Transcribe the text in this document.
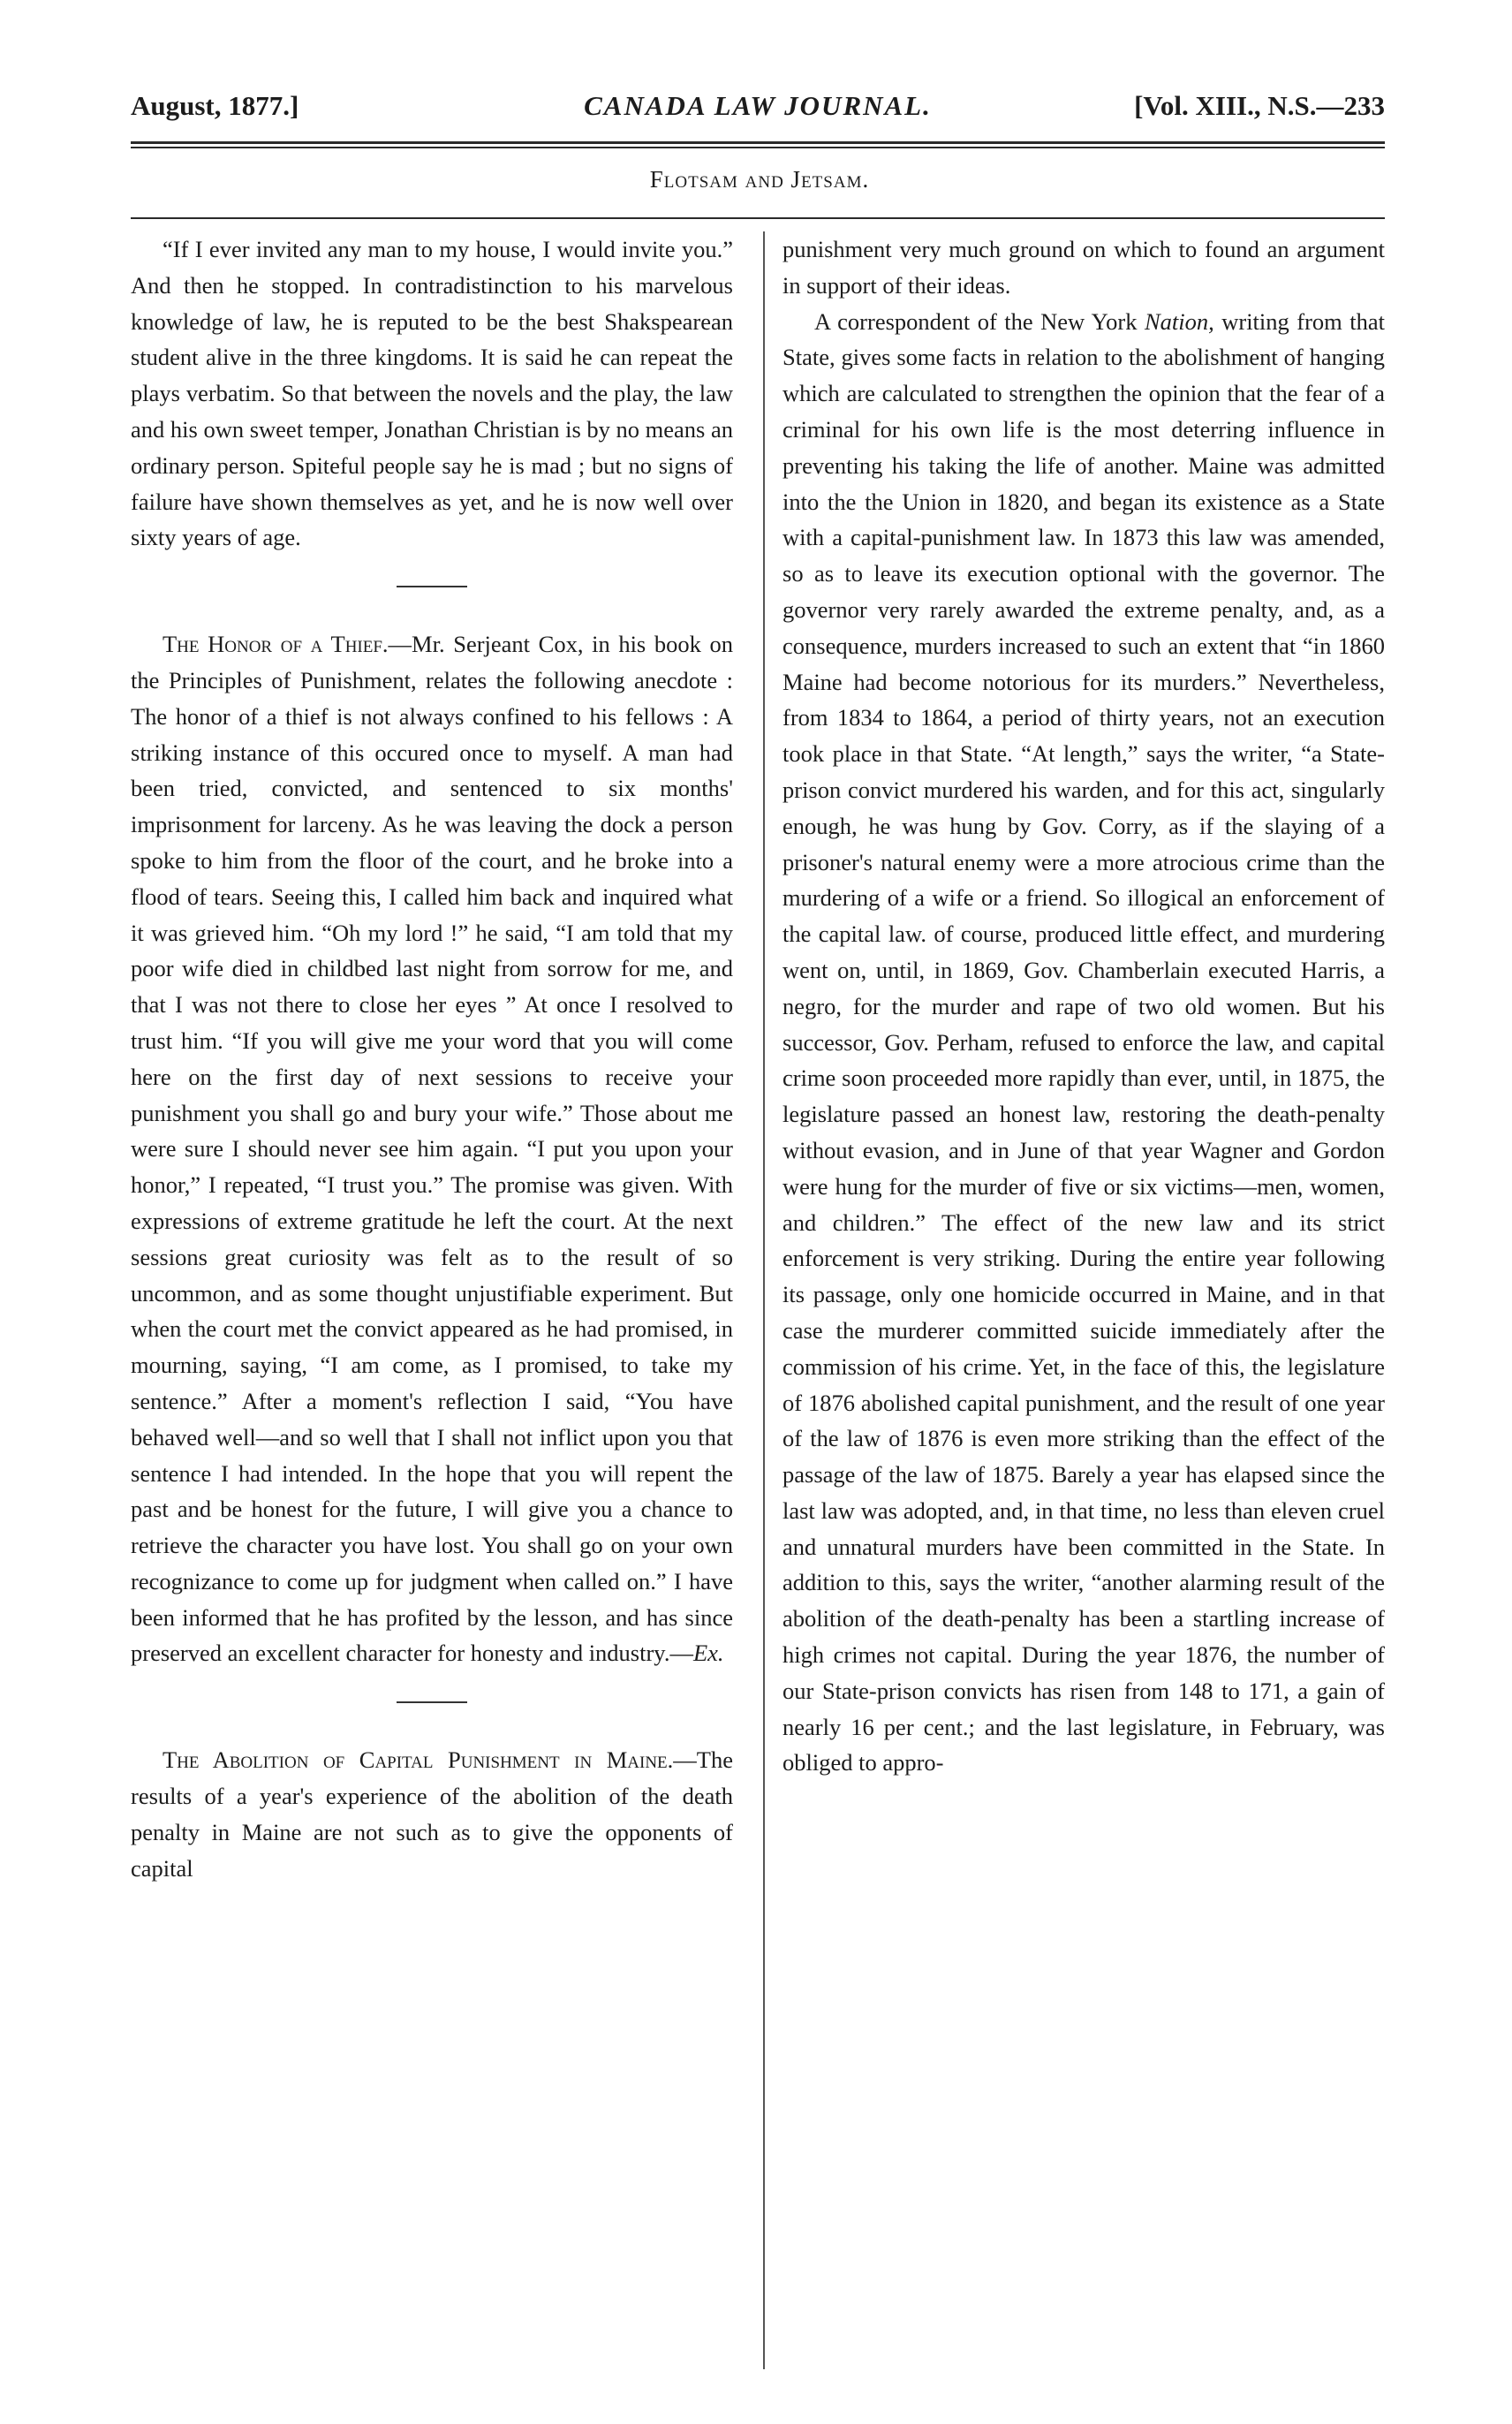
August, 1877.]	CANADA LAW JOURNAL.	[Vol. XIII., N.S.—233
Flotsam and Jetsam.

“If I ever invited any man to my house, I would invite you.” And then he stopped. In contradistinction to his marvelous knowledge of law, he is reputed to be the best Shakspearean student alive in the three kingdoms. It is said he can repeat the plays verbatim. So that between the novels and the play, the law and his own sweet temper, Jonathan Christian is by no means an ordinary person. Spiteful people say he is mad ; but no signs of failure have shown themselves as yet, and he is now well over sixty years of age.

The Honor of a Thief.—Mr. Serjeant Cox, in his book on the Principles of Punishment, relates the following anecdote : The honor of a thief is not always confined to his fellows : A striking instance of this occured once to myself. A man had been tried, convicted, and sentenced to six months' imprisonment for larceny. As he was leaving the dock a person spoke to him from the floor of the court, and he broke into a flood of tears. Seeing this, I called him back and inquired what it was grieved him. “Oh my lord !” he said, “I am told that my poor wife died in childbed last night from sorrow for me, and that I was not there to close her eyes ” At once I resolved to trust him. “If you will give me your word that you will come here on the first day of next sessions to receive your punishment you shall go and bury your wife.” Those about me were sure I should never see him again. “I put you upon your honor,” I repeated, “I trust you.” The promise was given. With expressions of extreme gratitude he left the court. At the next sessions great curiosity was felt as to the result of so uncommon, and as some thought unjustifiable experiment. But when the court met the convict appeared as he had promised, in mourning, saying, “I am come, as I promised, to take my sentence.” After a moment's reflection I said, “You have behaved well—and so well that I shall not inflict upon you that sentence I had intended. In the hope that you will repent the past and be honest for the future, I will give you a chance to retrieve the character you have lost. You shall go on your own recognizance to come up for judgment when called on.” I have been informed that he has profited by the lesson, and has since preserved an excellent character for honesty and industry.—Ex.

The Abolition of Capital Punishment in Maine.—The results of a year's experience of the abolition of the death penalty in Maine are not such as to give the opponents of capital

punishment very much ground on which to found an argument in support of their ideas.

A correspondent of the New York Nation, writing from that State, gives some facts in relation to the abolishment of hanging which are calculated to strengthen the opinion that the fear of a criminal for his own life is the most deterring influence in preventing his taking the life of another. Maine was admitted into the the Union in 1820, and began its existence as a State with a capital-punishment law. In 1873 this law was amended, so as to leave its execution optional with the governor. The governor very rarely awarded the extreme penalty, and, as a consequence, murders increased to such an extent that “in 1860 Maine had become notorious for its murders.” Nevertheless, from 1834 to 1864, a period of thirty years, not an execution took place in that State. “At length,” says the writer, “a State-prison convict murdered his warden, and for this act, singularly enough, he was hung by Gov. Corry, as if the slaying of a prisoner's natural enemy were a more atrocious crime than the murdering of a wife or a friend. So illogical an enforcement of the capital law. of course, produced little effect, and murdering went on, until, in 1869, Gov. Chamberlain executed Harris, a negro, for the murder and rape of two old women. But his successor, Gov. Perham, refused to enforce the law, and capital crime soon proceeded more rapidly than ever, until, in 1875, the legislature passed an honest law, restoring the death-penalty without evasion, and in June of that year Wagner and Gordon were hung for the murder of five or six victims—men, women, and children.” The effect of the new law and its strict enforcement is very striking. During the entire year following its passage, only one homicide occurred in Maine, and in that case the murderer committed suicide immediately after the commission of his crime. Yet, in the face of this, the legislature of 1876 abolished capital punishment, and the result of one year of the law of 1876 is even more striking than the effect of the passage of the law of 1875. Barely a year has elapsed since the last law was adopted, and, in that time, no less than eleven cruel and unnatural murders have been committed in the State. In addition to this, says the writer, “another alarming result of the abolition of the death-penalty has been a startling increase of high crimes not capital. During the year 1876, the number of our State-prison convicts has risen from 148 to 171, a gain of nearly 16 per cent.; and the last legislature, in February, was obliged to appro-
